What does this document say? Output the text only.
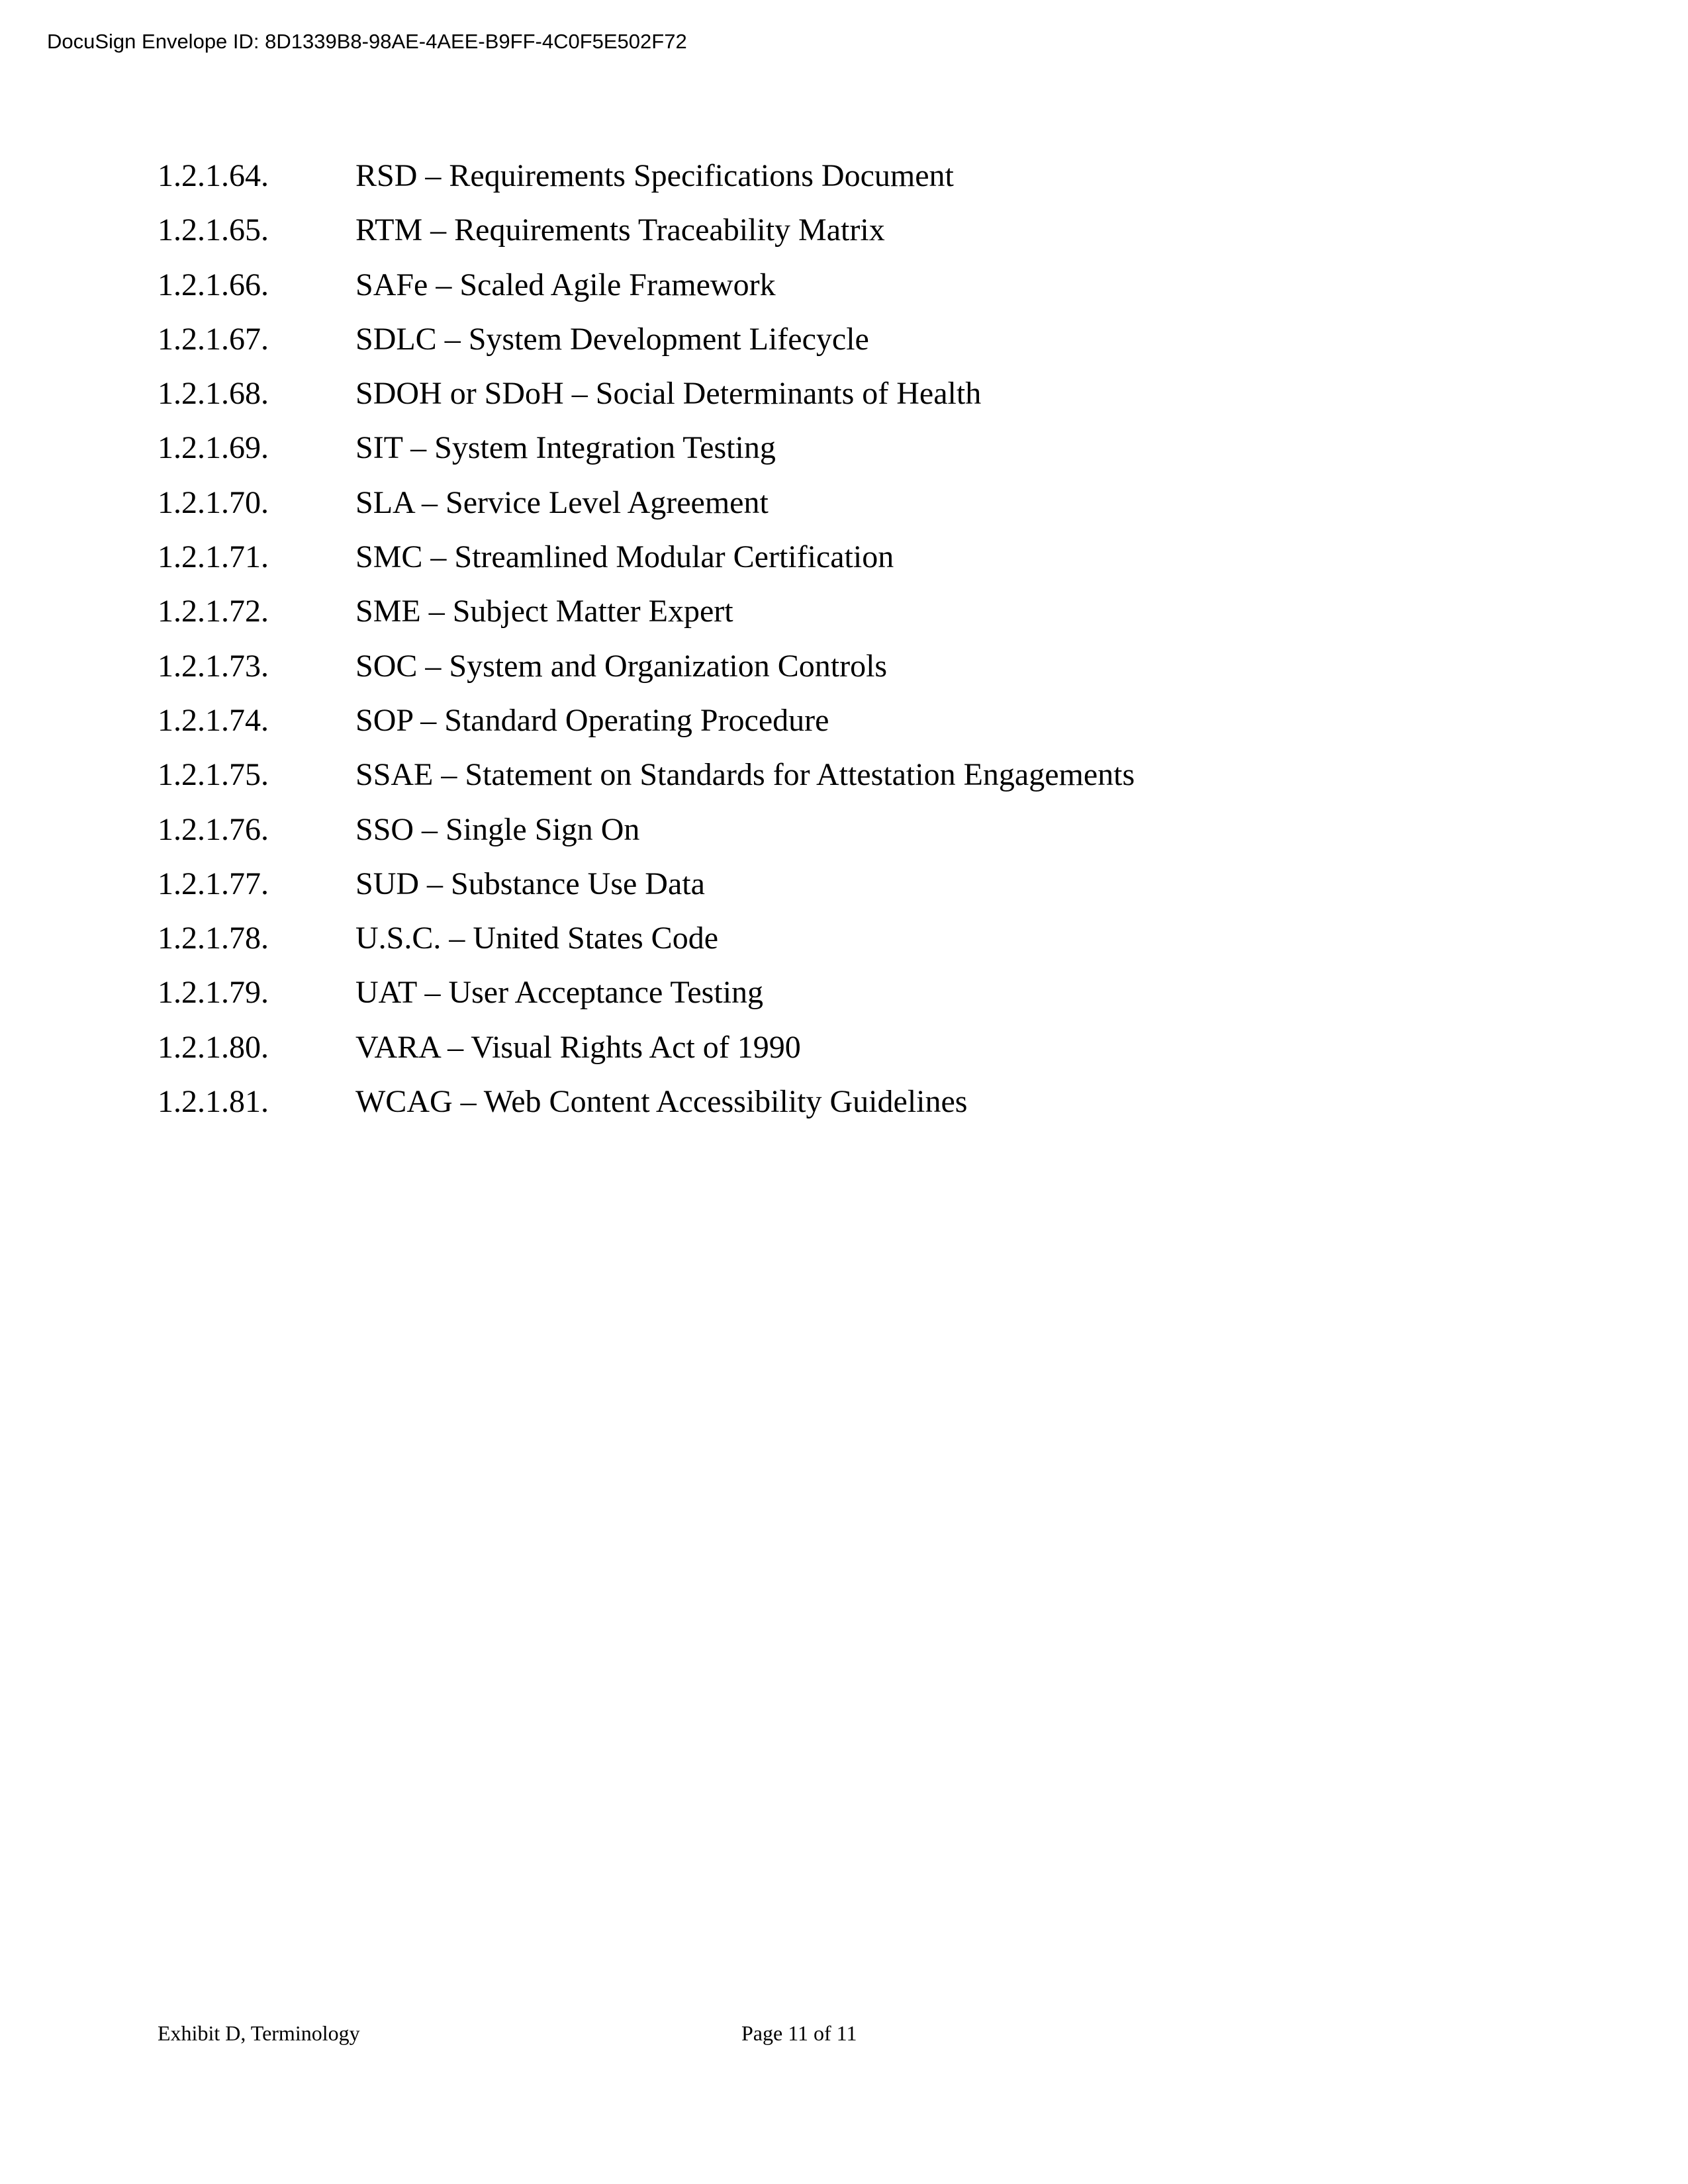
DocuSign Envelope ID: 8D1339B8-98AE-4AEE-B9FF-4C0F5E502F72
1.2.1.64.	RSD – Requirements Specifications Document
1.2.1.65.	RTM – Requirements Traceability Matrix
1.2.1.66.	SAFe – Scaled Agile Framework
1.2.1.67.	SDLC – System Development Lifecycle
1.2.1.68.	SDOH or SDoH – Social Determinants of Health
1.2.1.69.	SIT – System Integration Testing
1.2.1.70.	SLA – Service Level Agreement
1.2.1.71.	SMC – Streamlined Modular Certification
1.2.1.72.	SME – Subject Matter Expert
1.2.1.73.	SOC – System and Organization Controls
1.2.1.74.	SOP – Standard Operating Procedure
1.2.1.75.	SSAE – Statement on Standards for Attestation Engagements
1.2.1.76.	SSO – Single Sign On
1.2.1.77.	SUD – Substance Use Data
1.2.1.78.	U.S.C. – United States Code
1.2.1.79.	UAT – User Acceptance Testing
1.2.1.80.	VARA – Visual Rights Act of 1990
1.2.1.81.	WCAG – Web Content Accessibility Guidelines
Exhibit D, Terminology	Page 11 of 11
